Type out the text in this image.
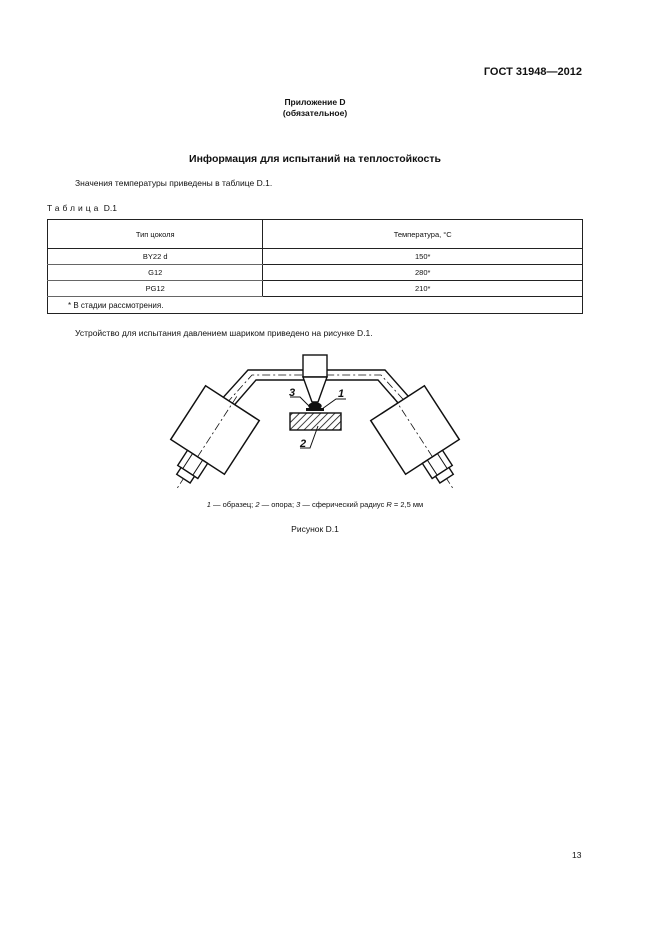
ГОСТ 31948—2012
Приложение D
(обязательное)
Информация для испытаний на теплостойкость
Значения температуры приведены в таблице D.1.
Таблица D.1
Тип цоколя	Температура, °С
BY22 d	150*
G12	280*
PG12	210*
* В стадии рассмотрения.	
Устройство для испытания давлением шариком приведено на рисунке D.1.
3	1
2
1 — образец; 2 — опора; 3 — сферический радиус R = 2,5 мм
Рисунок D.1
13
